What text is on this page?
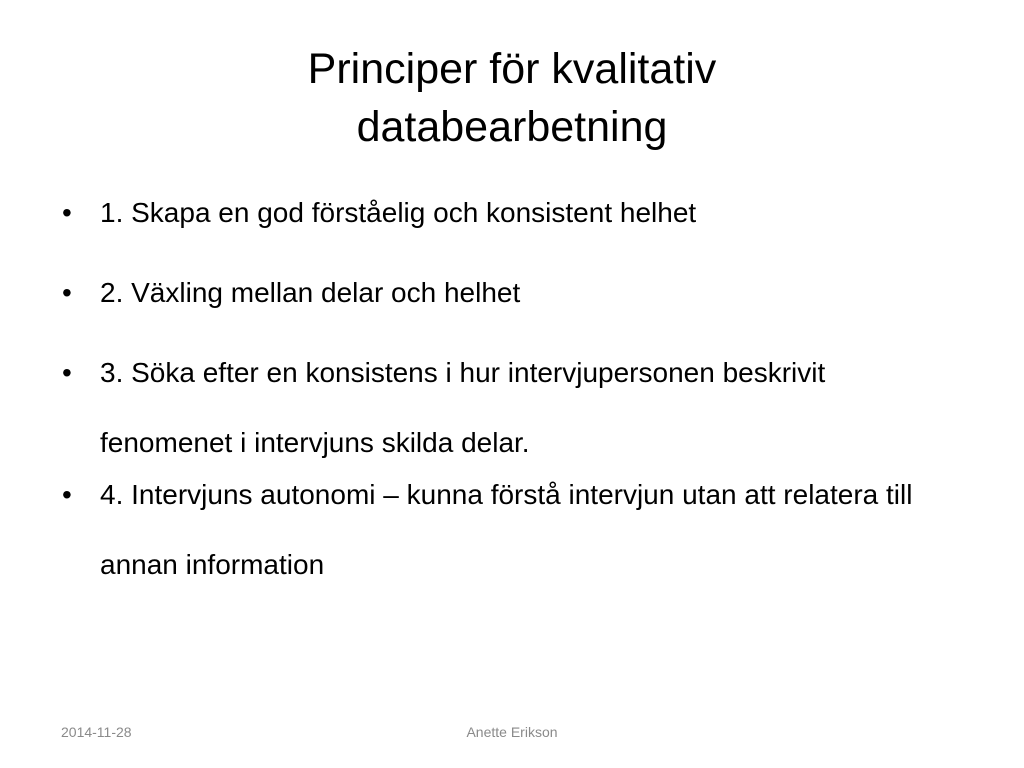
Principer för kvalitativ
databearbetning
• 1. Skapa en god förståelig och konsistent helhet
• 2. Växling mellan delar och helhet
• 3. Söka efter en konsistens i hur intervjupersonen beskrivit fenomenet i intervjuns skilda delar.
• 4. Intervjuns autonomi – kunna förstå intervjun utan att relatera till annan information
2014-11-28	Anette Erikson
